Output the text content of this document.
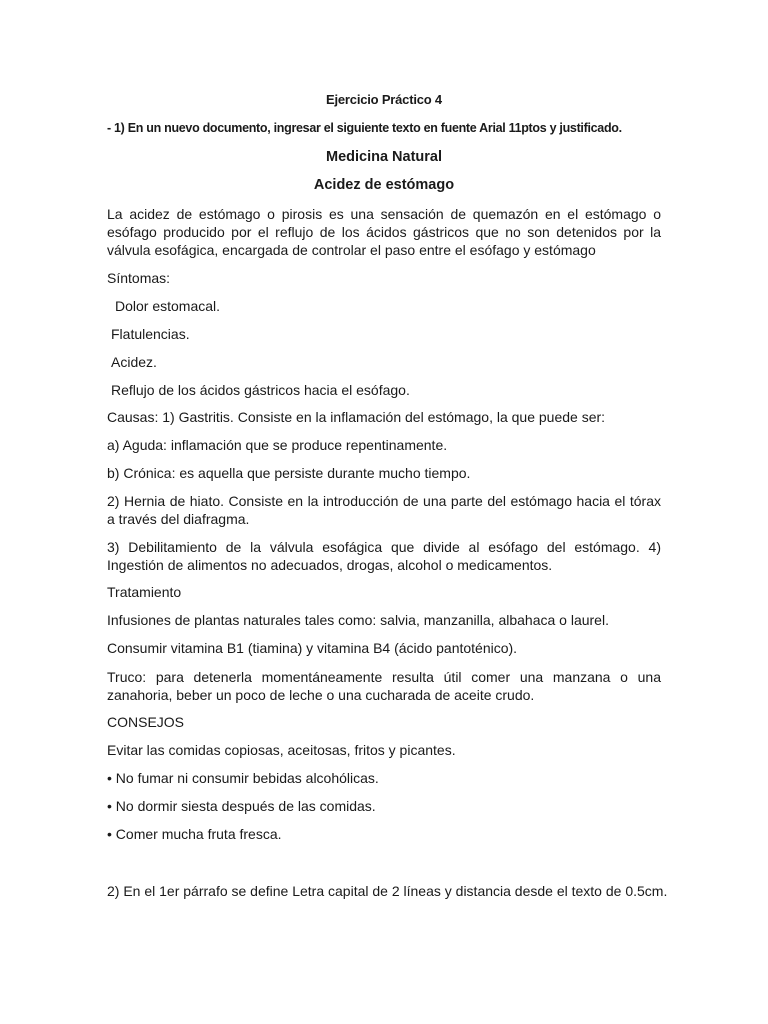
Ejercicio Práctico 4
- 1) En un nuevo documento, ingresar el siguiente texto en fuente Arial 11ptos y justificado.
Medicina Natural
Acidez de estómago

La acidez de estómago o pirosis es una sensación de quemazón en el estómago o esófago producido por el reflujo de los ácidos gástricos que no son detenidos por la válvula esofágica, encargada de controlar el paso entre el esófago y estómago

Síntomas:

Dolor estomacal.

Flatulencias.

Acidez.

Reflujo de los ácidos gástricos hacia el esófago.

Causas: 1) Gastritis. Consiste en la inflamación del estómago, la que puede ser:

a) Aguda: inflamación que se produce repentinamente.

b) Crónica: es aquella que persiste durante mucho tiempo.

2) Hernia de hiato. Consiste en la introducción de una parte del estómago hacia el tórax a través del diafragma.

3) Debilitamiento de la válvula esofágica que divide al esófago del estómago. 4) Ingestión de alimentos no adecuados, drogas, alcohol o medicamentos.

Tratamiento

Infusiones de plantas naturales tales como: salvia, manzanilla, albahaca o laurel.

Consumir vitamina B1 (tiamina) y vitamina B4 (ácido pantoténico).

Truco: para detenerla momentáneamente resulta útil comer una manzana o una zanahoria, beber un poco de leche o una cucharada de aceite crudo.

CONSEJOS

Evitar las comidas copiosas, aceitosas, fritos y picantes.

• No fumar ni consumir bebidas alcohólicas.

• No dormir siesta después de las comidas.

• Comer mucha fruta fresca.

2) En el 1er párrafo se define Letra capital de 2 líneas y distancia desde el texto de 0.5cm.
